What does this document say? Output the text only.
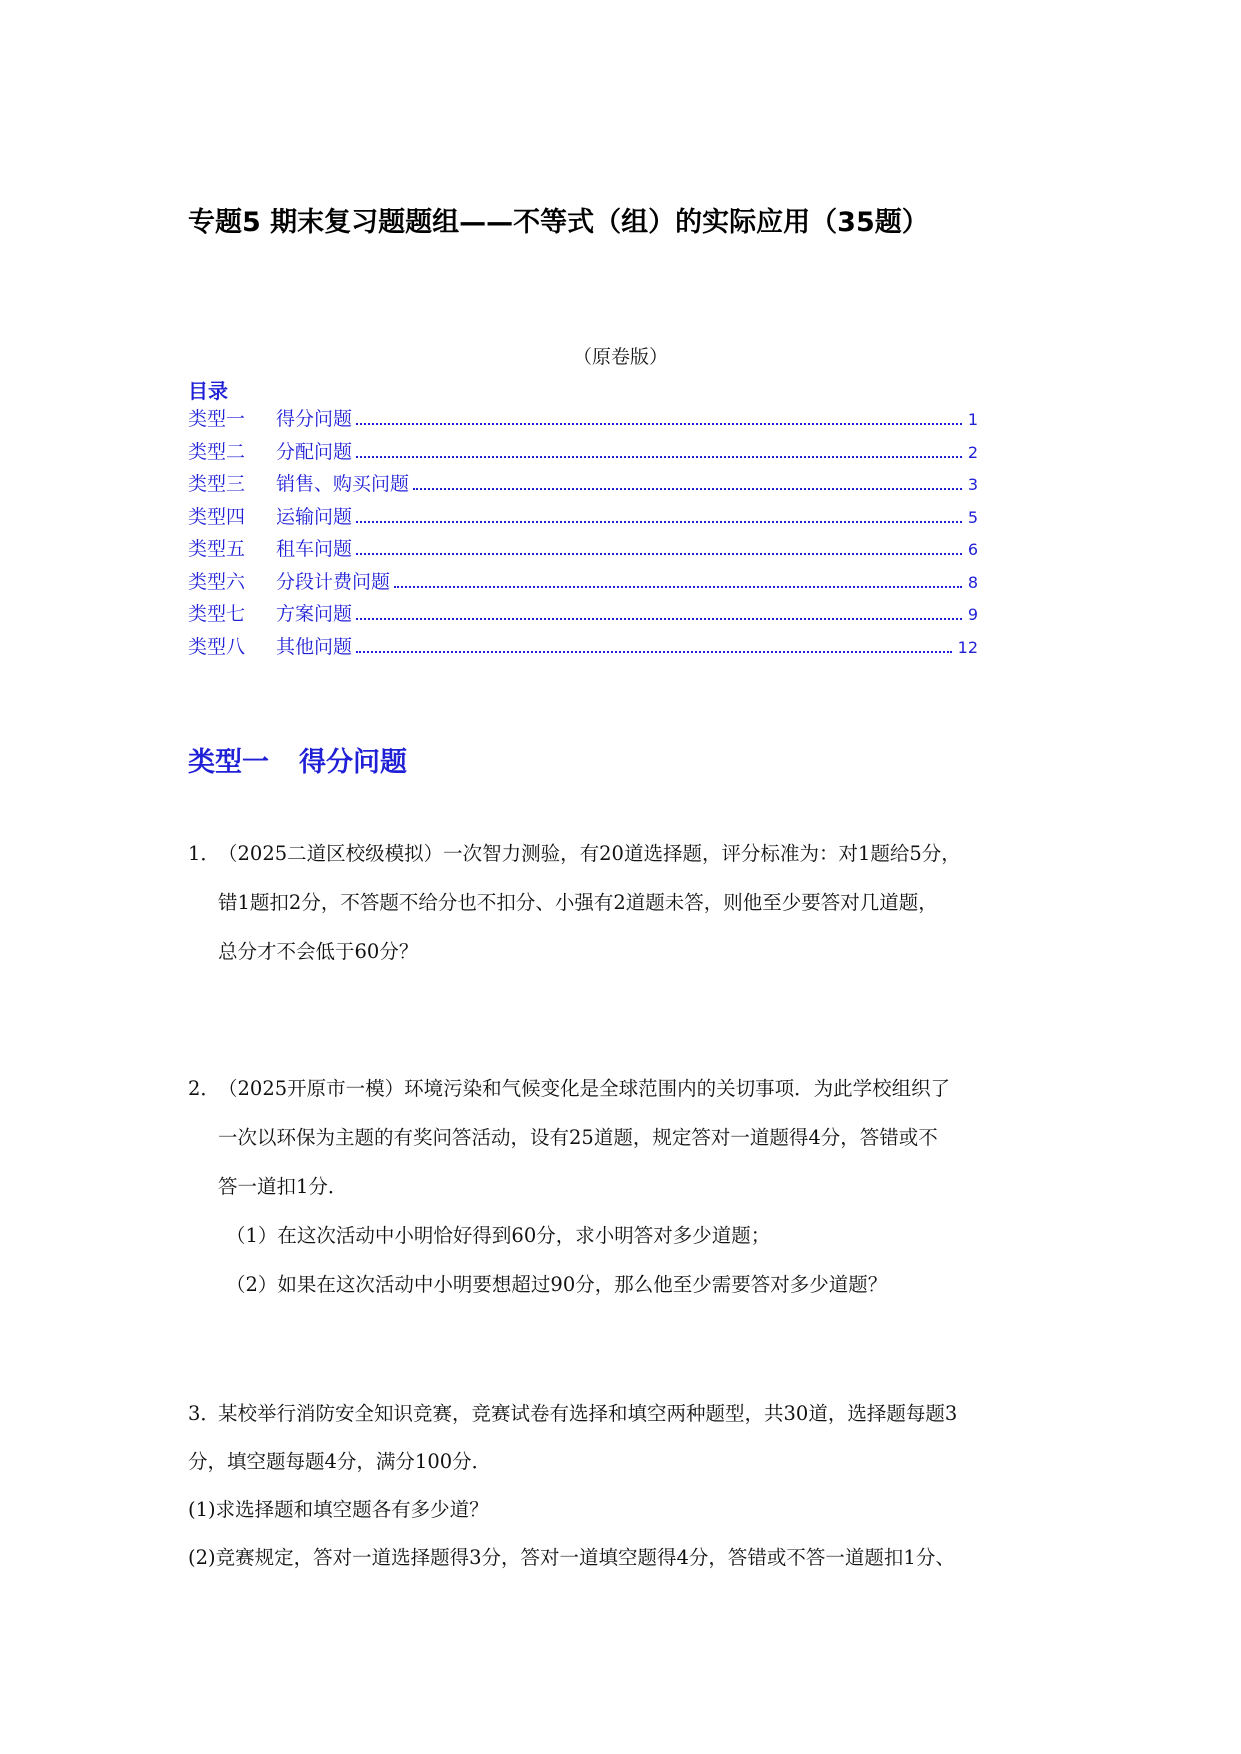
专题5 期末复习题题组——不等式（组）的实际应用（35题）
（原卷版）
目录
类型一	得分问题	1
类型二	分配问题	2
类型三	销售、购买问题	3
类型四	运输问题	5
类型五	租车问题	6
类型六	分段计费问题	8
类型七	方案问题	9
类型八	其他问题	12
类型一 得分问题
1．（2025二道区校级模拟）一次智力测验，有20道选择题，评分标准为：对1题给5分，
错1题扣2分，不答题不给分也不扣分、小强有2道题未答，则他至少要答对几道题，
总分才不会低于60分？
2．（2025开原市一模）环境污染和气候变化是全球范围内的关切事项．为此学校组织了
一次以环保为主题的有奖问答活动，设有25道题，规定答对一道题得4分，答错或不
答一道扣1分．
（1）在这次活动中小明恰好得到60分，求小明答对多少道题；
（2）如果在这次活动中小明要想超过90分，那么他至少需要答对多少道题？
3．某校举行消防安全知识竞赛，竞赛试卷有选择和填空两种题型，共30道，选择题每题3
分，填空题每题4分，满分100分．
(1)求选择题和填空题各有多少道？
(2)竞赛规定，答对一道选择题得3分，答对一道填空题得4分，答错或不答一道题扣1分、
